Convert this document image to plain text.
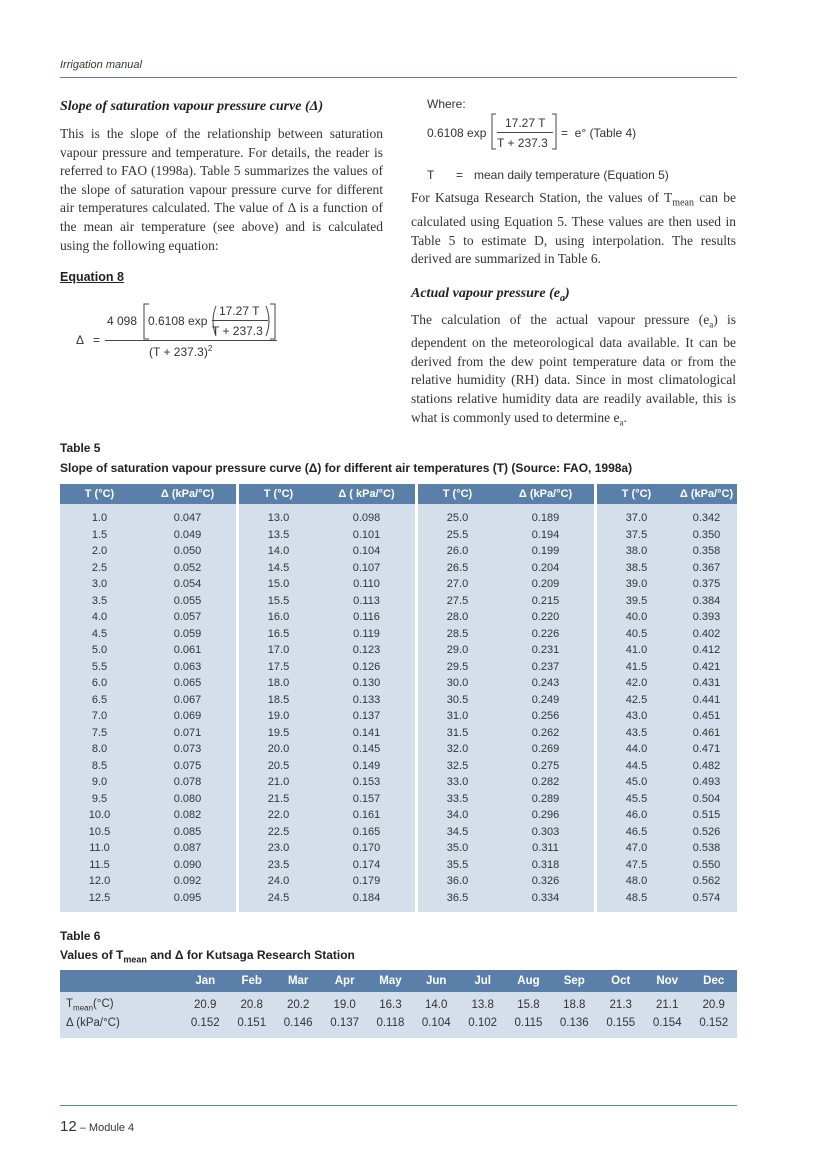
Irrigation manual
Slope of saturation vapour pressure curve (Δ)
This is the slope of the relationship between saturation vapour pressure and temperature. For details, the reader is referred to FAO (1998a). Table 5 summarizes the values of the slope of saturation vapour pressure curve for different air temperatures calculated. The value of Δ is a function of the mean air temperature (see above) and is calculated using the following equation:
Equation 8
Δ =
4 098 0.6108 exp
17.27 T
T + 237.3
$(T + 237.3)^2$
Where:
0.6108 exp
17.27 T
T + 237.3
=  e° (Table 4)
T = mean daily temperature (Equation 5)
For Katsuga Research Station, the values of $T_{mean}$ can be calculated using Equation 5. These values are then used in Table 5 to estimate D, using interpolation. The results derived are summarized in Table 6.
Actual vapour pressure $(e_a)$
The calculation of the actual vapour pressure $(e_a)$ is dependent on the meteorological data available. It can be derived from the dew point temperature data or from the relative humidity (RH) data. Since in most climatological stations relative humidity data are readily available, this is what is commonly used to determine $e_a$.
Table 5
Slope of saturation vapour pressure curve (Δ) for different air temperatures (T) (Source: FAO, 1998a)
T (°C)	Δ (kPa/°C)		T (°C)	Δ ( kPa/°C)		T (°C)	Δ (kPa/°C)		T (°C)	Δ (kPa/°C)

1.0	0.047		13.0	0.098		25.0	0.189		37.0	0.342
1.5	0.049		13.5	0.101		25.5	0.194		37.5	0.350
2.0	0.050		14.0	0.104		26.0	0.199		38.0	0.358
2.5	0.052		14.5	0.107		26.5	0.204		38.5	0.367
3.0	0.054		15.0	0.110		27.0	0.209		39.0	0.375
3.5	0.055		15.5	0.113		27.5	0.215		39.5	0.384
4.0	0.057		16.0	0.116		28.0	0.220		40.0	0.393
4.5	0.059		16.5	0.119		28.5	0.226		40.5	0.402
5.0	0.061		17.0	0.123		29.0	0.231		41.0	0.412
5.5	0.063		17.5	0.126		29.5	0.237		41.5	0.421
6.0	0.065		18.0	0.130		30.0	0.243		42.0	0.431
6.5	0.067		18.5	0.133		30.5	0.249		42.5	0.441
7.0	0.069		19.0	0.137		31.0	0.256		43.0	0.451
7.5	0.071		19.5	0.141		31.5	0.262		43.5	0.461
8.0	0.073		20.0	0.145		32.0	0.269		44.0	0.471
8.5	0.075		20.5	0.149		32.5	0.275		44.5	0.482
9.0	0.078		21.0	0.153		33.0	0.282		45.0	0.493
9.5	0.080		21.5	0.157		33.5	0.289		45.5	0.504
10.0	0.082		22.0	0.161		34.0	0.296		46.0	0.515
10.5	0.085		22.5	0.165		34.5	0.303		46.5	0.526
11.0	0.087		23.0	0.170		35.0	0.311		47.0	0.538
11.5	0.090		23.5	0.174		35.5	0.318		47.5	0.550
12.0	0.092		24.0	0.179		36.0	0.326		48.0	0.562
12.5	0.095		24.5	0.184		36.5	0.334		48.5	0.574

Table 6
Values of $T_{mean}$ and Δ for Kutsaga Research Station
	Jan	Feb	Mar	Apr	May	Jun	Jul	Aug	Sep	Oct	Nov	Dec

$T_{mean}(^\circ C)$	20.9	20.8	20.2	19.0	16.3	14.0	13.8	15.8	18.8	21.3	21.1	20.9
Δ (kPa/°C)	0.152	0.151	0.146	0.137	0.118	0.104	0.102	0.115	0.136	0.155	0.154	0.152

12 – Module 4
